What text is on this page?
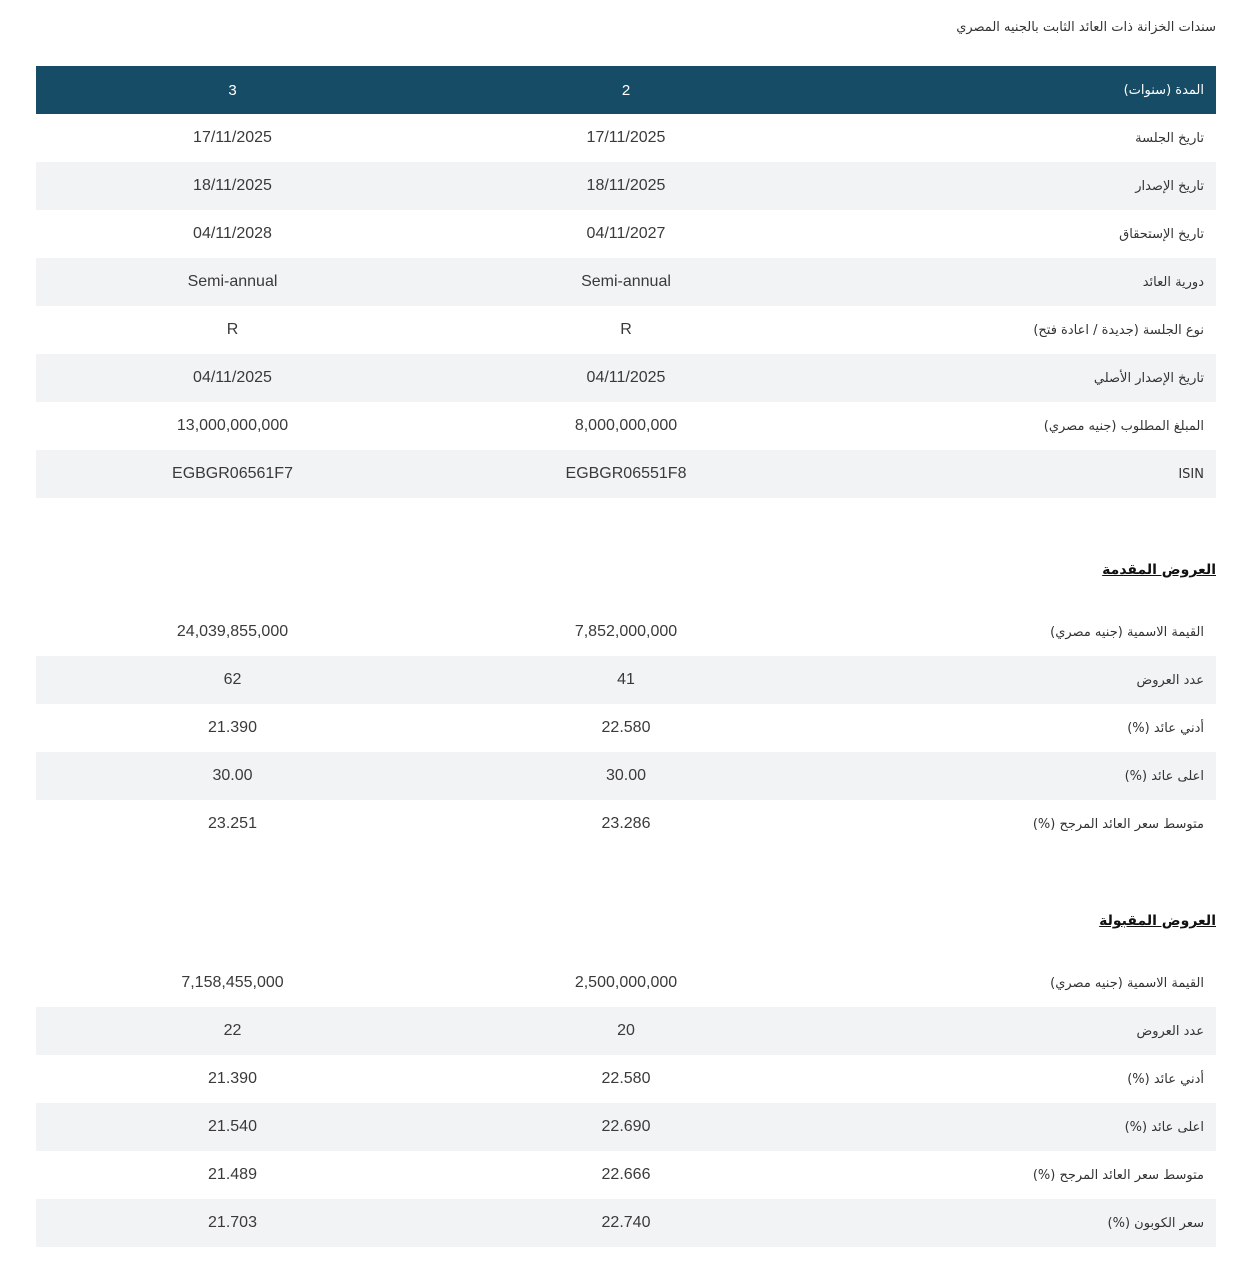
سندات الخزانة ذات العائد الثابت بالجنيه المصري
المدة (سنوات)	2	3
تاريخ الجلسة	17/11/2025	17/11/2025
تاريخ الإصدار	18/11/2025	18/11/2025
تاريخ الإستحقاق	04/11/2027	04/11/2028
دورية العائد	Semi-annual	Semi-annual
نوع الجلسة (جديدة / اعادة فتح)	R	R
تاريخ الإصدار الأصلي	04/11/2025	04/11/2025
المبلغ المطلوب (جنيه مصري)	8,000,000,000	13,000,000,000
ISIN	EGBGR06551F8	EGBGR06561F7
العروض المقدمة
القيمة الاسمية (جنيه مصري)	7,852,000,000	24,039,855,000
عدد العروض	41	62
أدني عائد (%)	22.580	21.390
اعلى عائد (%)	30.00	30.00
متوسط سعر العائد المرجح (%)	23.286	23.251
العروض المقبولة
القيمة الاسمية (جنيه مصري)	2,500,000,000	7,158,455,000
عدد العروض	20	22
أدني عائد (%)	22.580	21.390
اعلى عائد (%)	22.690	21.540
متوسط سعر العائد المرجح (%)	22.666	21.489
سعر الكوبون (%)	22.740	21.703
